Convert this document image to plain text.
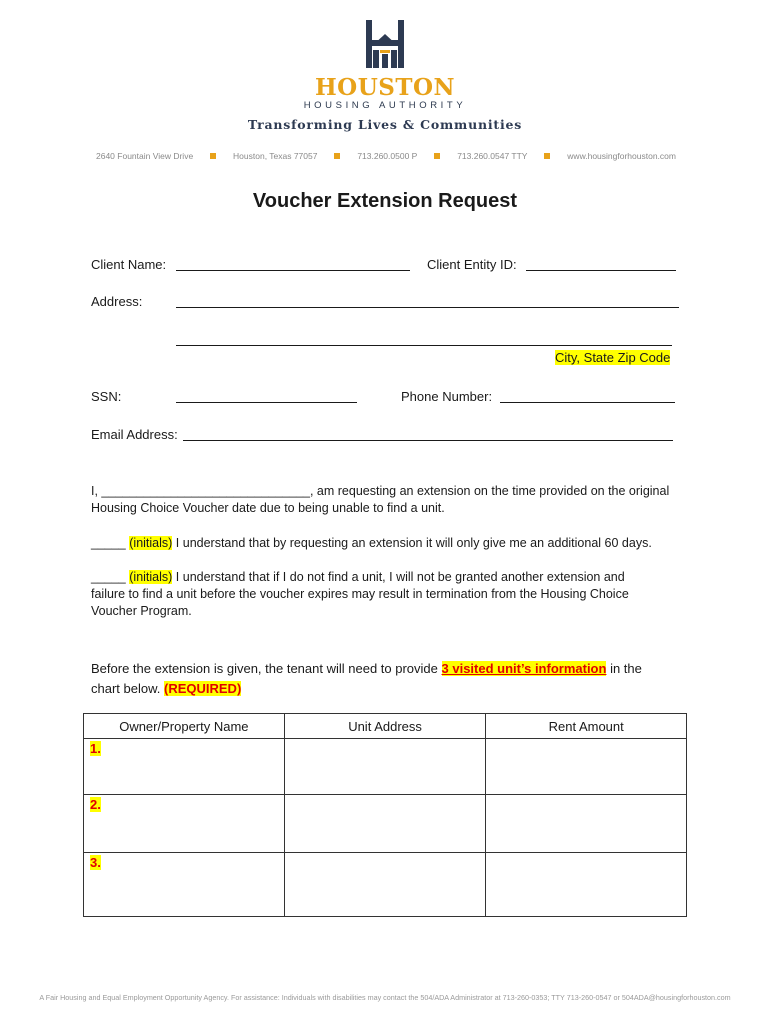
HOUSTON
HOUSING AUTHORITY
Transforming Lives & Communities
2640 Fountain View Drive	Houston, Texas 77057	713.260.0500 P	713.260.0547 TTY	www.housingforhouston.com
Voucher Extension Request
Client Name:	Client Entity ID:
Address:
City, State Zip Code
SSN:	Phone Number:
Email Address:
I, ______________________________, am requesting an extension on the time provided on the original
Housing Choice Voucher date due to being unable to find a unit.
_____ (initials) I understand that by requesting an extension it will only give me an additional 60 days.
_____ (initials) I understand that if I do not find a unit, I will not be granted another extension and
failure to find a unit before the voucher expires may result in termination from the Housing Choice
Voucher Program.
Before the extension is given, the tenant will need to provide 3 visited unit’s information in the
chart below. (REQUIRED)
Owner/Property Name	Unit Address	Rent Amount
1.		
2.		
3.		
A Fair Housing and Equal Employment Opportunity Agency. For assistance: Individuals with disabilities may contact the 504/ADA Administrator at 713-260-0353; TTY 713-260-0547 or 504ADA@housingforhouston.com
